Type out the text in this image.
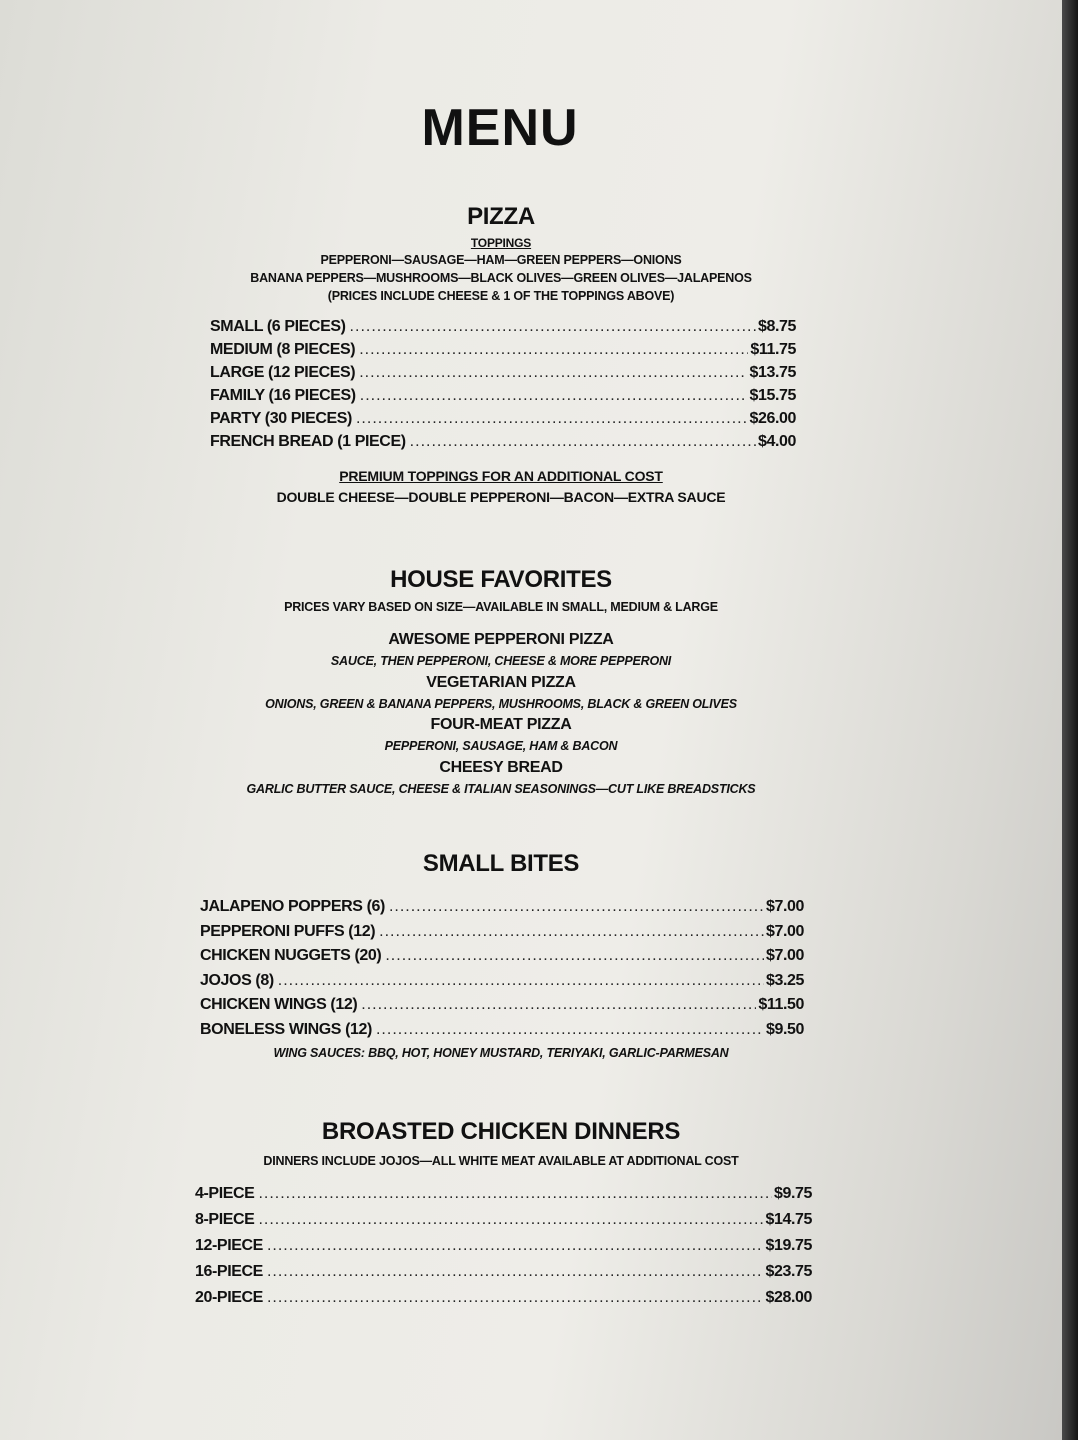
MENU
PIZZA
TOPPINGS
PEPPERONI—SAUSAGE—HAM—GREEN PEPPERS—ONIONS
BANANA PEPPERS—MUSHROOMS—BLACK OLIVES—GREEN OLIVES—JALAPENOS
(PRICES INCLUDE CHEESE & 1 OF THE TOPPINGS ABOVE)
SMALL (6 PIECES) .....	$8.75
MEDIUM (8 PIECES) .....	$11.75
LARGE (12 PIECES) .....	$13.75
FAMILY (16 PIECES) .....	$15.75
PARTY (30 PIECES) .....	$26.00
FRENCH BREAD (1 PIECE) .....	$4.00
PREMIUM TOPPINGS FOR AN ADDITIONAL COST
DOUBLE CHEESE—DOUBLE PEPPERONI—BACON—EXTRA SAUCE
HOUSE FAVORITES
PRICES VARY BASED ON SIZE—AVAILABLE IN SMALL, MEDIUM & LARGE
AWESOME PEPPERONI PIZZA
SAUCE, THEN PEPPERONI, CHEESE & MORE PEPPERONI
VEGETARIAN PIZZA
ONIONS, GREEN & BANANA PEPPERS, MUSHROOMS, BLACK & GREEN OLIVES
FOUR-MEAT PIZZA
PEPPERONI, SAUSAGE, HAM & BACON
CHEESY BREAD
GARLIC BUTTER SAUCE, CHEESE & ITALIAN SEASONINGS—CUT LIKE BREADSTICKS
SMALL BITES
JALAPENO POPPERS (6) .....	$7.00
PEPPERONI PUFFS (12) .....	$7.00
CHICKEN NUGGETS (20) .....	$7.00
JOJOS (8) .....	$3.25
CHICKEN WINGS (12) .....	$11.50
BONELESS WINGS (12) .....	$9.50
WING SAUCES: BBQ, HOT, HONEY MUSTARD, TERIYAKI, GARLIC-PARMESAN
BROASTED CHICKEN DINNERS
DINNERS INCLUDE JOJOS—ALL WHITE MEAT AVAILABLE AT ADDITIONAL COST
4-PIECE .....	$9.75
8-PIECE .....	$14.75
12-PIECE .....	$19.75
16-PIECE .....	$23.75
20-PIECE .....	$28.00
